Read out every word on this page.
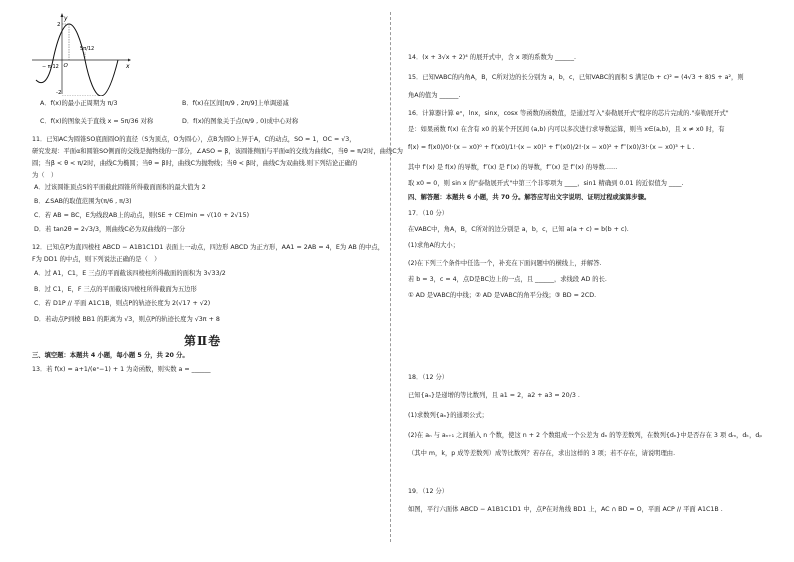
y
x
O
2
-2
− π/12
5π/12
A．f(x)的最小正周期为 π/3	B．f(x)在区间[π/9 , 2π/9]上单调递减
C．f(x)的图象关于直线 x = 5π/36 对称	D．f(x)的图象关于点(π/9 , 0)成中心对称
11．已知AC为圆锥SO底面圆O的直径（S为顶点，O为圆心），点B为圆O上异于A，C的动点，SO = 1，OC = √3，
研究发现：平面α和圆锥SO侧面的交线是抛物线的一部分，∠ASO = β，该圆锥侧面与平面α的交线为曲线C，当θ = π/2时，曲线C为
圆；当β < θ < π/2时，曲线C为椭圆；当θ = β时，曲线C为抛物线；当θ < β时，曲线C为双曲线.则下列结论正确的
为（　）
A．过该圆锥顶点S的平面截此圆锥所得截面面积的最大值为 2
B．∠SAB的取值范围为(π/6 , π/3)
C．若 AB = BC，E为线段AB上的动点，则(SE + CE)min = √(10 + 2√15)
D．若 tan2θ = 2√3/3，则曲线C必为双曲线的一部分
12．已知点P为直四棱柱 ABCD − A1B1C1D1 表面上一动点，四边形 ABCD 为正方形，AA1 = 2AB = 4，E为 AB 的中点，
F为 DD1 的中点，则下列说法正确的是（　）
A．过 A1，C1，E 三点的平面截该四棱柱所得截面的面积为 3√33/2
B．过 C1，E，F 三点的平面截该四棱柱所得截面为五边形
C．若 D1P // 平面 A1C1B，则点P的轨迹长度为 2(√17 + √2)
D．若动点P到棱 BB1 的距离为 √3，则点P的轨迹长度为 √3π + 8
第Ⅱ卷
三、填空题：本题共 4 小题，每小题 5 分，共 20 分。
13．若 f(x) = a+1/(eˣ−1) + 1 为奇函数，则实数 a = ______
14．(x + 3√x + 2)⁴ 的展开式中，含 x 项的系数为 ______.
15．已知VABC的内角A，B，C所对边的长分别为 a，b，c，已知VABC的面积 S 满足(b + c)² = (4√3 + 8)S + a²，则
角A的值为 ______.
16．计算器计算 eˣ，lnx，sinx，cosx 等函数的函数值，是通过写入"泰勒展开式"程序的芯片完成的."泰勒展开式"
是：如果函数 f(x) 在含有 x0 的某个开区间 (a,b) 内可以多次进行求导数运算，则当 x∈(a,b)，且 x ≠ x0 时，有
f(x) = f(x0)/0!·(x − x0)⁰ + f′(x0)/1!·(x − x0)¹ + f″(x0)/2!·(x − x0)² + f‴(x0)/3!·(x − x0)³ + L .
其中 f′(x) 是 f(x) 的导数，f″(x) 是 f′(x) 的导数，f‴(x) 是 f″(x) 的导数……
取 x0 = 0，则 sin x 的"泰勒展开式"中第三个非零项为 ____，sin1 精确到 0.01 的近似值为 ____.
四、解答题：本题共 6 小题，共 70 分。解答应写出文字说明、证明过程或演算步骤。
17．（10 分）
在VABC中，角A，B，C所对的边分别是 a，b，c，已知 a(a + c) = b(b + c).
(1)求角A的大小；
(2)在下列三个条件中任选一个，补充在下面问题中的横线上，并解答.
若 b = 3，c = 4，点D是BC边上的一点，且 ______，求线段 AD 的长.
① AD 是VABC的中线；② AD 是VABC的角平分线；③ BD = 2CD.
18．（12 分）
已知{aₙ}是递增的等比数列，且 a1 = 2，a2 + a3 = 20/3 .
(1)求数列{aₙ}的通项公式；
(2)在 aₙ 与 aₙ₊₁ 之间插入 n 个数，使这 n + 2 个数组成一个公差为 dₙ 的等差数列，在数列{dₙ}中是否存在 3 项 dₘ，dₖ，dₚ
（其中 m，k，p 成等差数列）成等比数列？若存在，求出这样的 3 项；若不存在，请说明理由.
19．（12 分）
如图，平行六面体 ABCD − A1B1C1D1 中，点P在对角线 BD1 上，AC ∩ BD = O，平面 ACP // 平面 A1C1B .
